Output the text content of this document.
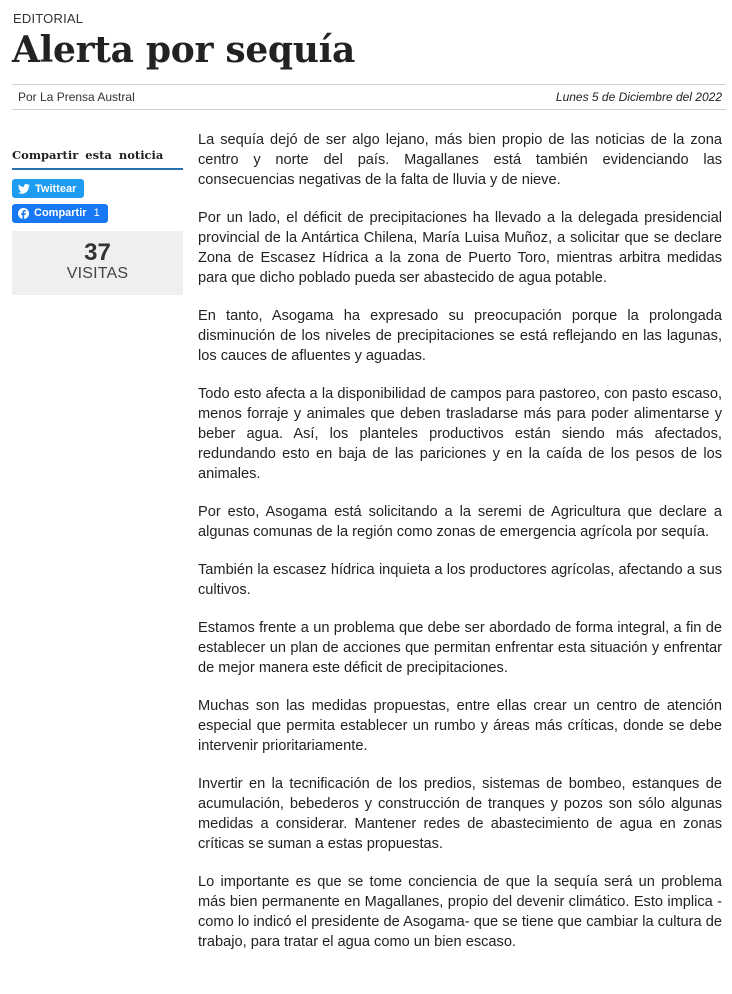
EDITORIAL
Alerta por sequía
Por La Prensa Austral	Lunes 5 de Diciembre del 2022
Compartir esta noticia
Twittear
Compartir 1
37
VISITAS

La sequía dejó de ser algo lejano, más bien propio de las noticias de la zona centro y norte del país. Magallanes está también evidenciando las consecuencias negativas de la falta de lluvia y de nieve.

Por un lado, el déficit de precipitaciones ha llevado a la delegada presidencial provincial de la Antártica Chilena, María Luisa Muñoz, a solicitar que se declare Zona de Escasez Hídrica a la zona de Puerto Toro, mientras arbitra medidas para que dicho poblado pueda ser abastecido de agua potable.

En tanto, Asogama ha expresado su preocupación porque la prolongada disminución de los niveles de precipitaciones se está reflejando en las lagunas, los cauces de afluentes y aguadas.

Todo esto afecta a la disponibilidad de campos para pastoreo, con pasto escaso, menos forraje y animales que deben trasladarse más para poder alimentarse y beber agua. Así, los planteles productivos están siendo más afectados, redundando esto en baja de las pariciones y en la caída de los pesos de los animales.

Por esto, Asogama está solicitando a la seremi de Agricultura que declare a algunas comunas de la región como zonas de emergencia agrícola por sequía.

También la escasez hídrica inquieta a los productores agrícolas, afectando a sus cultivos.

Estamos frente a un problema que debe ser abordado de forma integral, a fin de establecer un plan de acciones que permitan enfrentar esta situación y enfrentar de mejor manera este déficit de precipitaciones.

Muchas son las medidas propuestas, entre ellas crear un centro de atención especial que permita establecer un rumbo y áreas más críticas, donde se debe intervenir prioritariamente.

Invertir en la tecnificación de los predios, sistemas de bombeo, estanques de acumulación, bebederos y construcción de tranques y pozos son sólo algunas medidas a considerar. Mantener redes de abastecimiento de agua en zonas críticas se suman a estas propuestas.

Lo importante es que se tome conciencia de que la sequía será un problema más bien permanente en Magallanes, propio del devenir climático. Esto implica -como lo indicó el presidente de Asogama- que se tiene que cambiar la cultura de trabajo, para tratar el agua como un bien escaso.
